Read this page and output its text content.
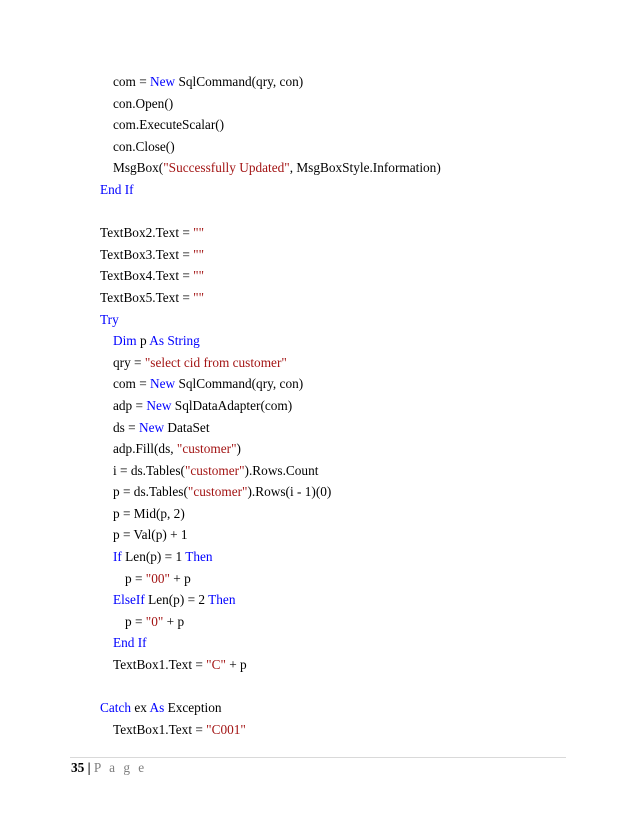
com = New SqlCommand(qry, con)
con.Open()
com.ExecuteScalar()
con.Close()
MsgBox("Successfully Updated", MsgBoxStyle.Information)
End If
TextBox2.Text = ""
TextBox3.Text = ""
TextBox4.Text = ""
TextBox5.Text = ""
Try
Dim p As String
qry = "select cid from customer"
com = New SqlCommand(qry, con)
adp = New SqlDataAdapter(com)
ds = New DataSet
adp.Fill(ds, "customer")
i = ds.Tables("customer").Rows.Count
p = ds.Tables("customer").Rows(i - 1)(0)
p = Mid(p, 2)
p = Val(p) + 1
If Len(p) = 1 Then
p = "00" + p
ElseIf Len(p) = 2 Then
p = "0" + p
End If
TextBox1.Text = "C" + p
Catch ex As Exception
TextBox1.Text = "C001"
35 | P a g e
